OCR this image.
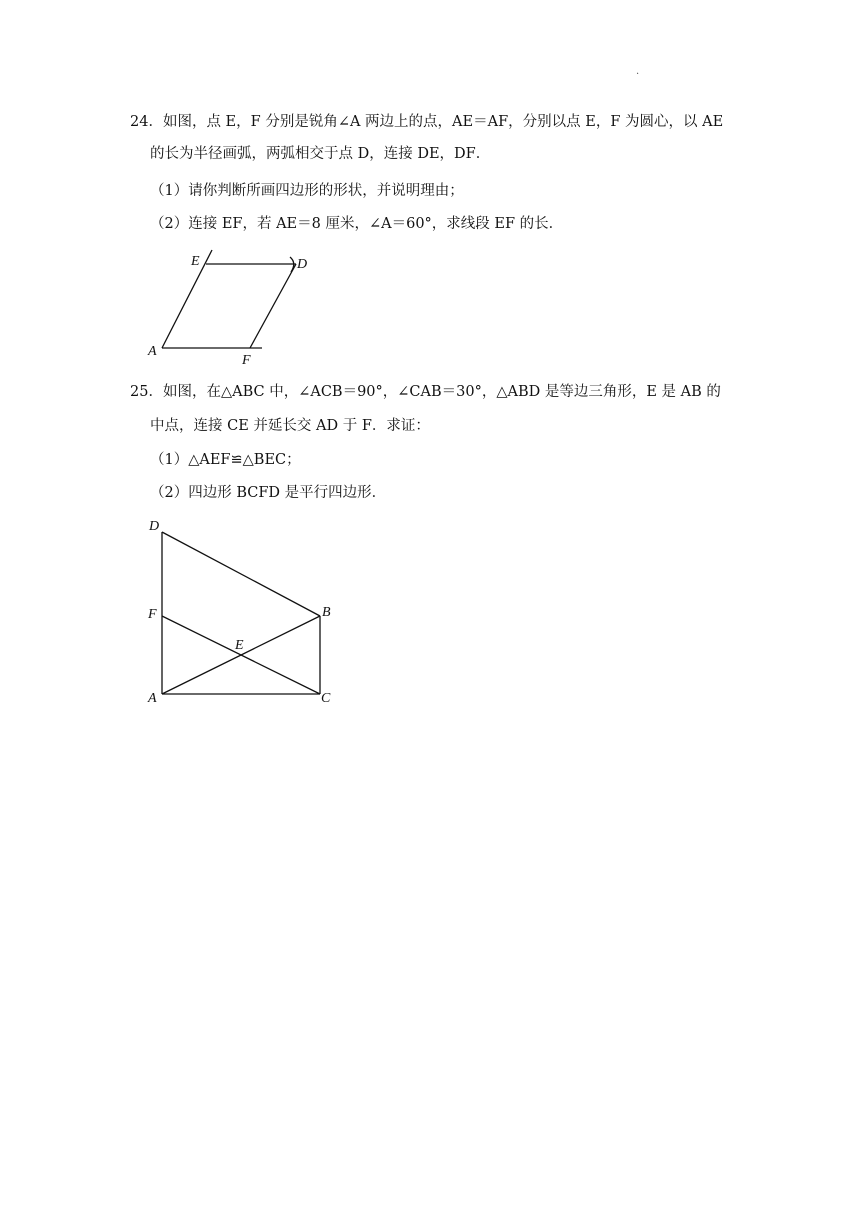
.
24．如图，点 E，F 分别是锐角∠A 两边上的点，AE＝AF，分别以点 E，F 为圆心，以 AE
的长为半径画弧，两弧相交于点 D，连接 DE，DF．
（1）请你判断所画四边形的形状，并说明理由；
（2）连接 EF，若 AE＝8 厘米，∠A＝60°，求线段 EF 的长．
E	D
A
F
25．如图，在△ABC 中，∠ACB＝90°，∠CAB＝30°，△ABD 是等边三角形，E 是 AB 的
中点，连接 CE 并延长交 AD 于 F．求证：
（1）△AEF≌△BEC；
（2）四边形 BCFD 是平行四边形．
D
F	B
E
A	C
